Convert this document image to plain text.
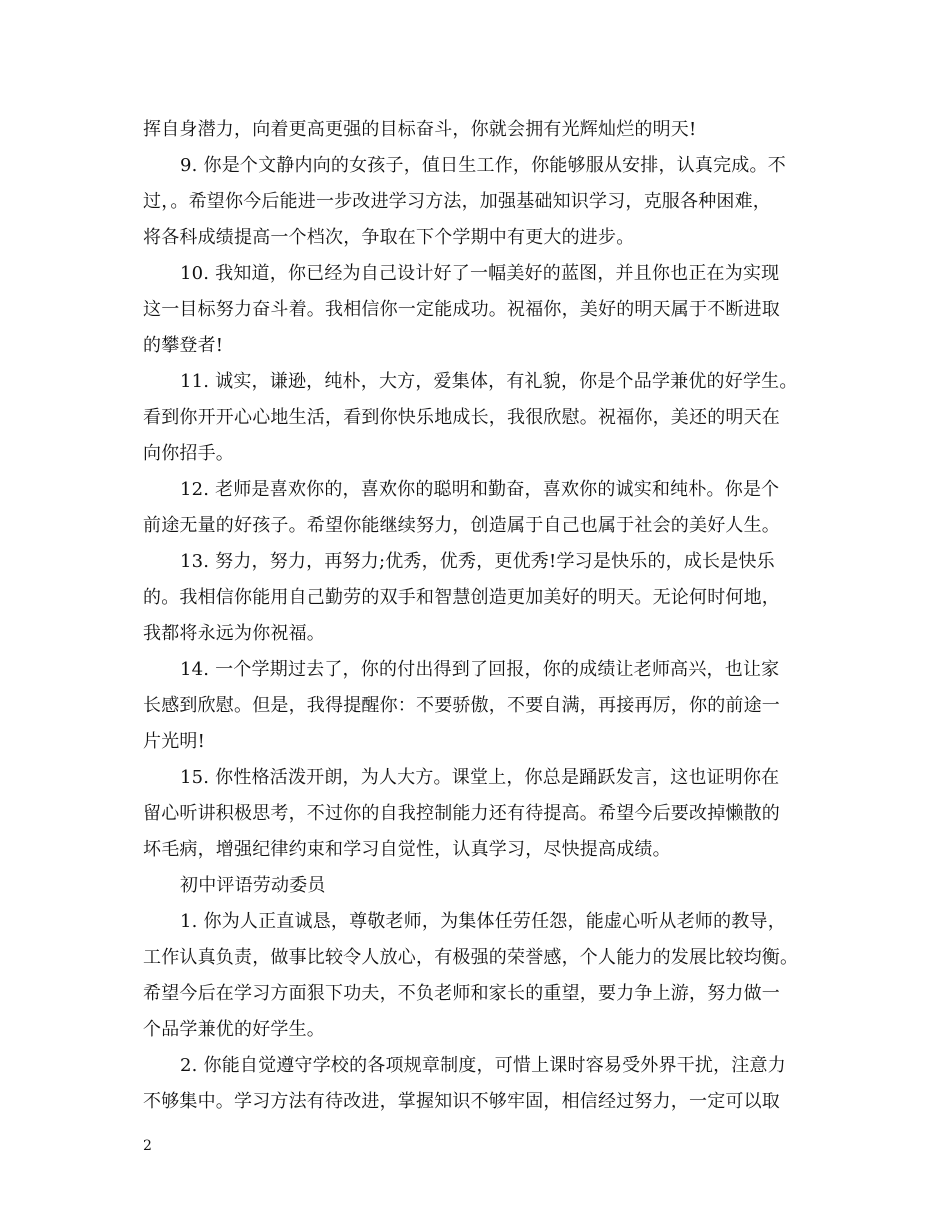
挥自身潜力，向着更高更强的目标奋斗，你就会拥有光辉灿烂的明天!
9. 你是个文静内向的女孩子，值日生工作，你能够服从安排，认真完成。不
过，。希望你今后能进一步改进学习方法，加强基础知识学习，克服各种困难，
将各科成绩提高一个档次，争取在下个学期中有更大的进步。
10. 我知道，你已经为自己设计好了一幅美好的蓝图，并且你也正在为实现
这一目标努力奋斗着。我相信你一定能成功。祝福你，美好的明天属于不断进取
的攀登者!
11. 诚实，谦逊，纯朴，大方，爱集体，有礼貌，你是个品学兼优的好学生。
看到你开开心心地生活，看到你快乐地成长，我很欣慰。祝福你，美还的明天在
向你招手。
12. 老师是喜欢你的，喜欢你的聪明和勤奋，喜欢你的诚实和纯朴。你是个
前途无量的好孩子。希望你能继续努力，创造属于自己也属于社会的美好人生。
13. 努力，努力，再努力;优秀，优秀，更优秀!学习是快乐的，成长是快乐
的。我相信你能用自己勤劳的双手和智慧创造更加美好的明天。无论何时何地，
我都将永远为你祝福。
14. 一个学期过去了，你的付出得到了回报，你的成绩让老师高兴，也让家
长感到欣慰。但是，我得提醒你：不要骄傲，不要自满，再接再厉，你的前途一
片光明!
15. 你性格活泼开朗，为人大方。课堂上，你总是踊跃发言，这也证明你在
留心听讲积极思考，不过你的自我控制能力还有待提高。希望今后要改掉懒散的
坏毛病，增强纪律约束和学习自觉性，认真学习，尽快提高成绩。
初中评语劳动委员
1. 你为人正直诚恳，尊敬老师，为集体任劳任怨，能虚心听从老师的教导，
工作认真负责，做事比较令人放心，有极强的荣誉感，个人能力的发展比较均衡。
希望今后在学习方面狠下功夫，不负老师和家长的重望，要力争上游，努力做一
个品学兼优的好学生。
2. 你能自觉遵守学校的各项规章制度，可惜上课时容易受外界干扰，注意力
不够集中。学习方法有待改进，掌握知识不够牢固，相信经过努力，一定可以取
2
